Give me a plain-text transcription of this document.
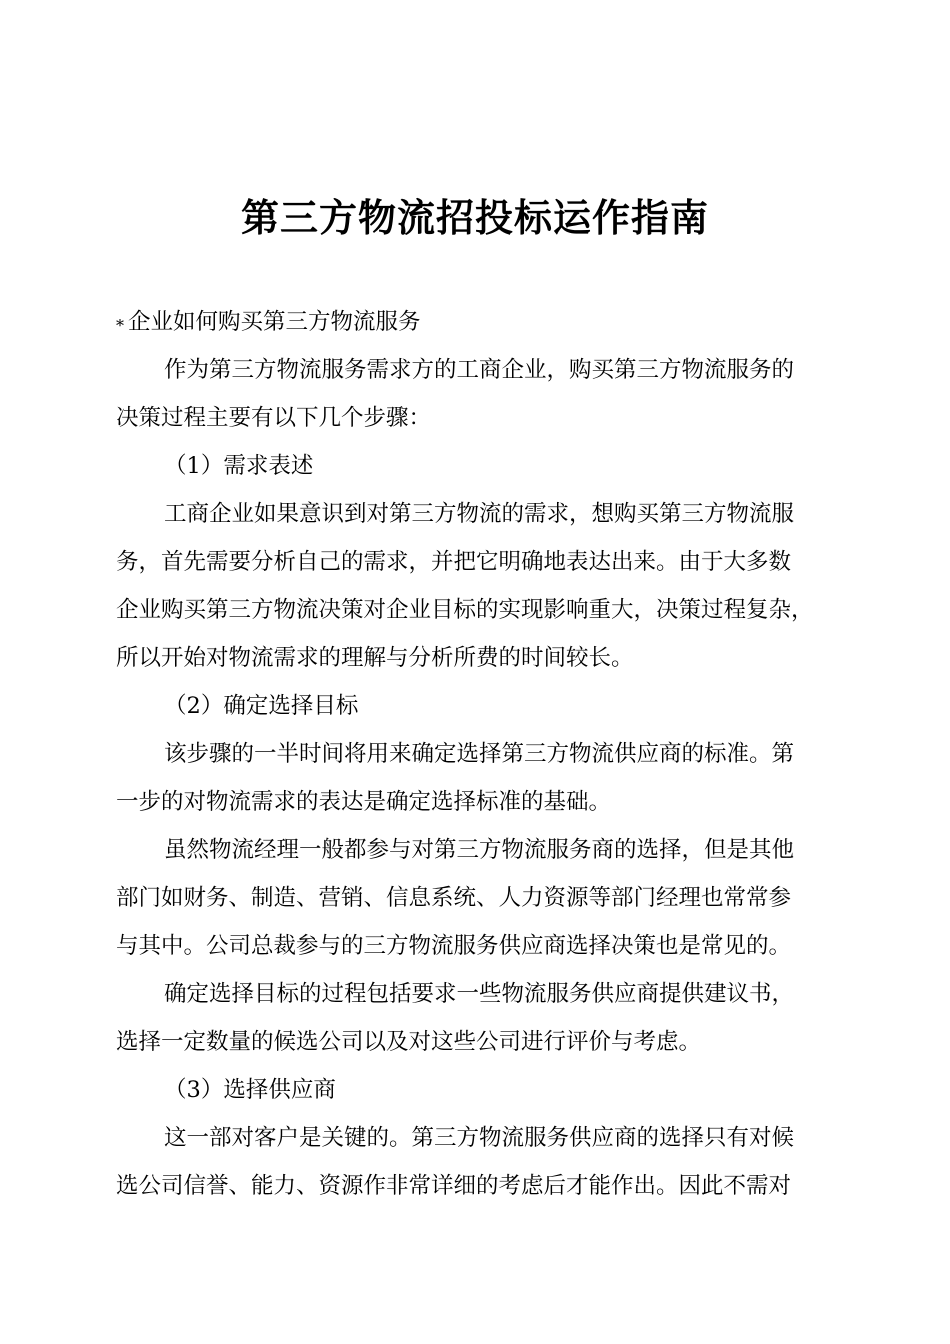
第三方物流招投标运作指南
* 企业如何购买第三方物流服务
作为第三方物流服务需求方的工商企业，购买第三方物流服务的
决策过程主要有以下几个步骤：
（1）需求表述
工商企业如果意识到对第三方物流的需求，想购买第三方物流服
务，首先需要分析自己的需求，并把它明确地表达出来。由于大多数
企业购买第三方物流决策对企业目标的实现影响重大，决策过程复杂，
所以开始对物流需求的理解与分析所费的时间较长。
（2）确定选择目标
该步骤的一半时间将用来确定选择第三方物流供应商的标准。第
一步的对物流需求的表达是确定选择标准的基础。
虽然物流经理一般都参与对第三方物流服务商的选择，但是其他
部门如财务、制造、营销、信息系统、人力资源等部门经理也常常参
与其中。公司总裁参与的三方物流服务供应商选择决策也是常见的。
确定选择目标的过程包括要求一些物流服务供应商提供建议书，
选择一定数量的候选公司以及对这些公司进行评价与考虑。
（3）选择供应商
这一部对客户是关键的。第三方物流服务供应商的选择只有对候
选公司信誉、能力、资源作非常详细的考虑后才能作出。因此不需对
